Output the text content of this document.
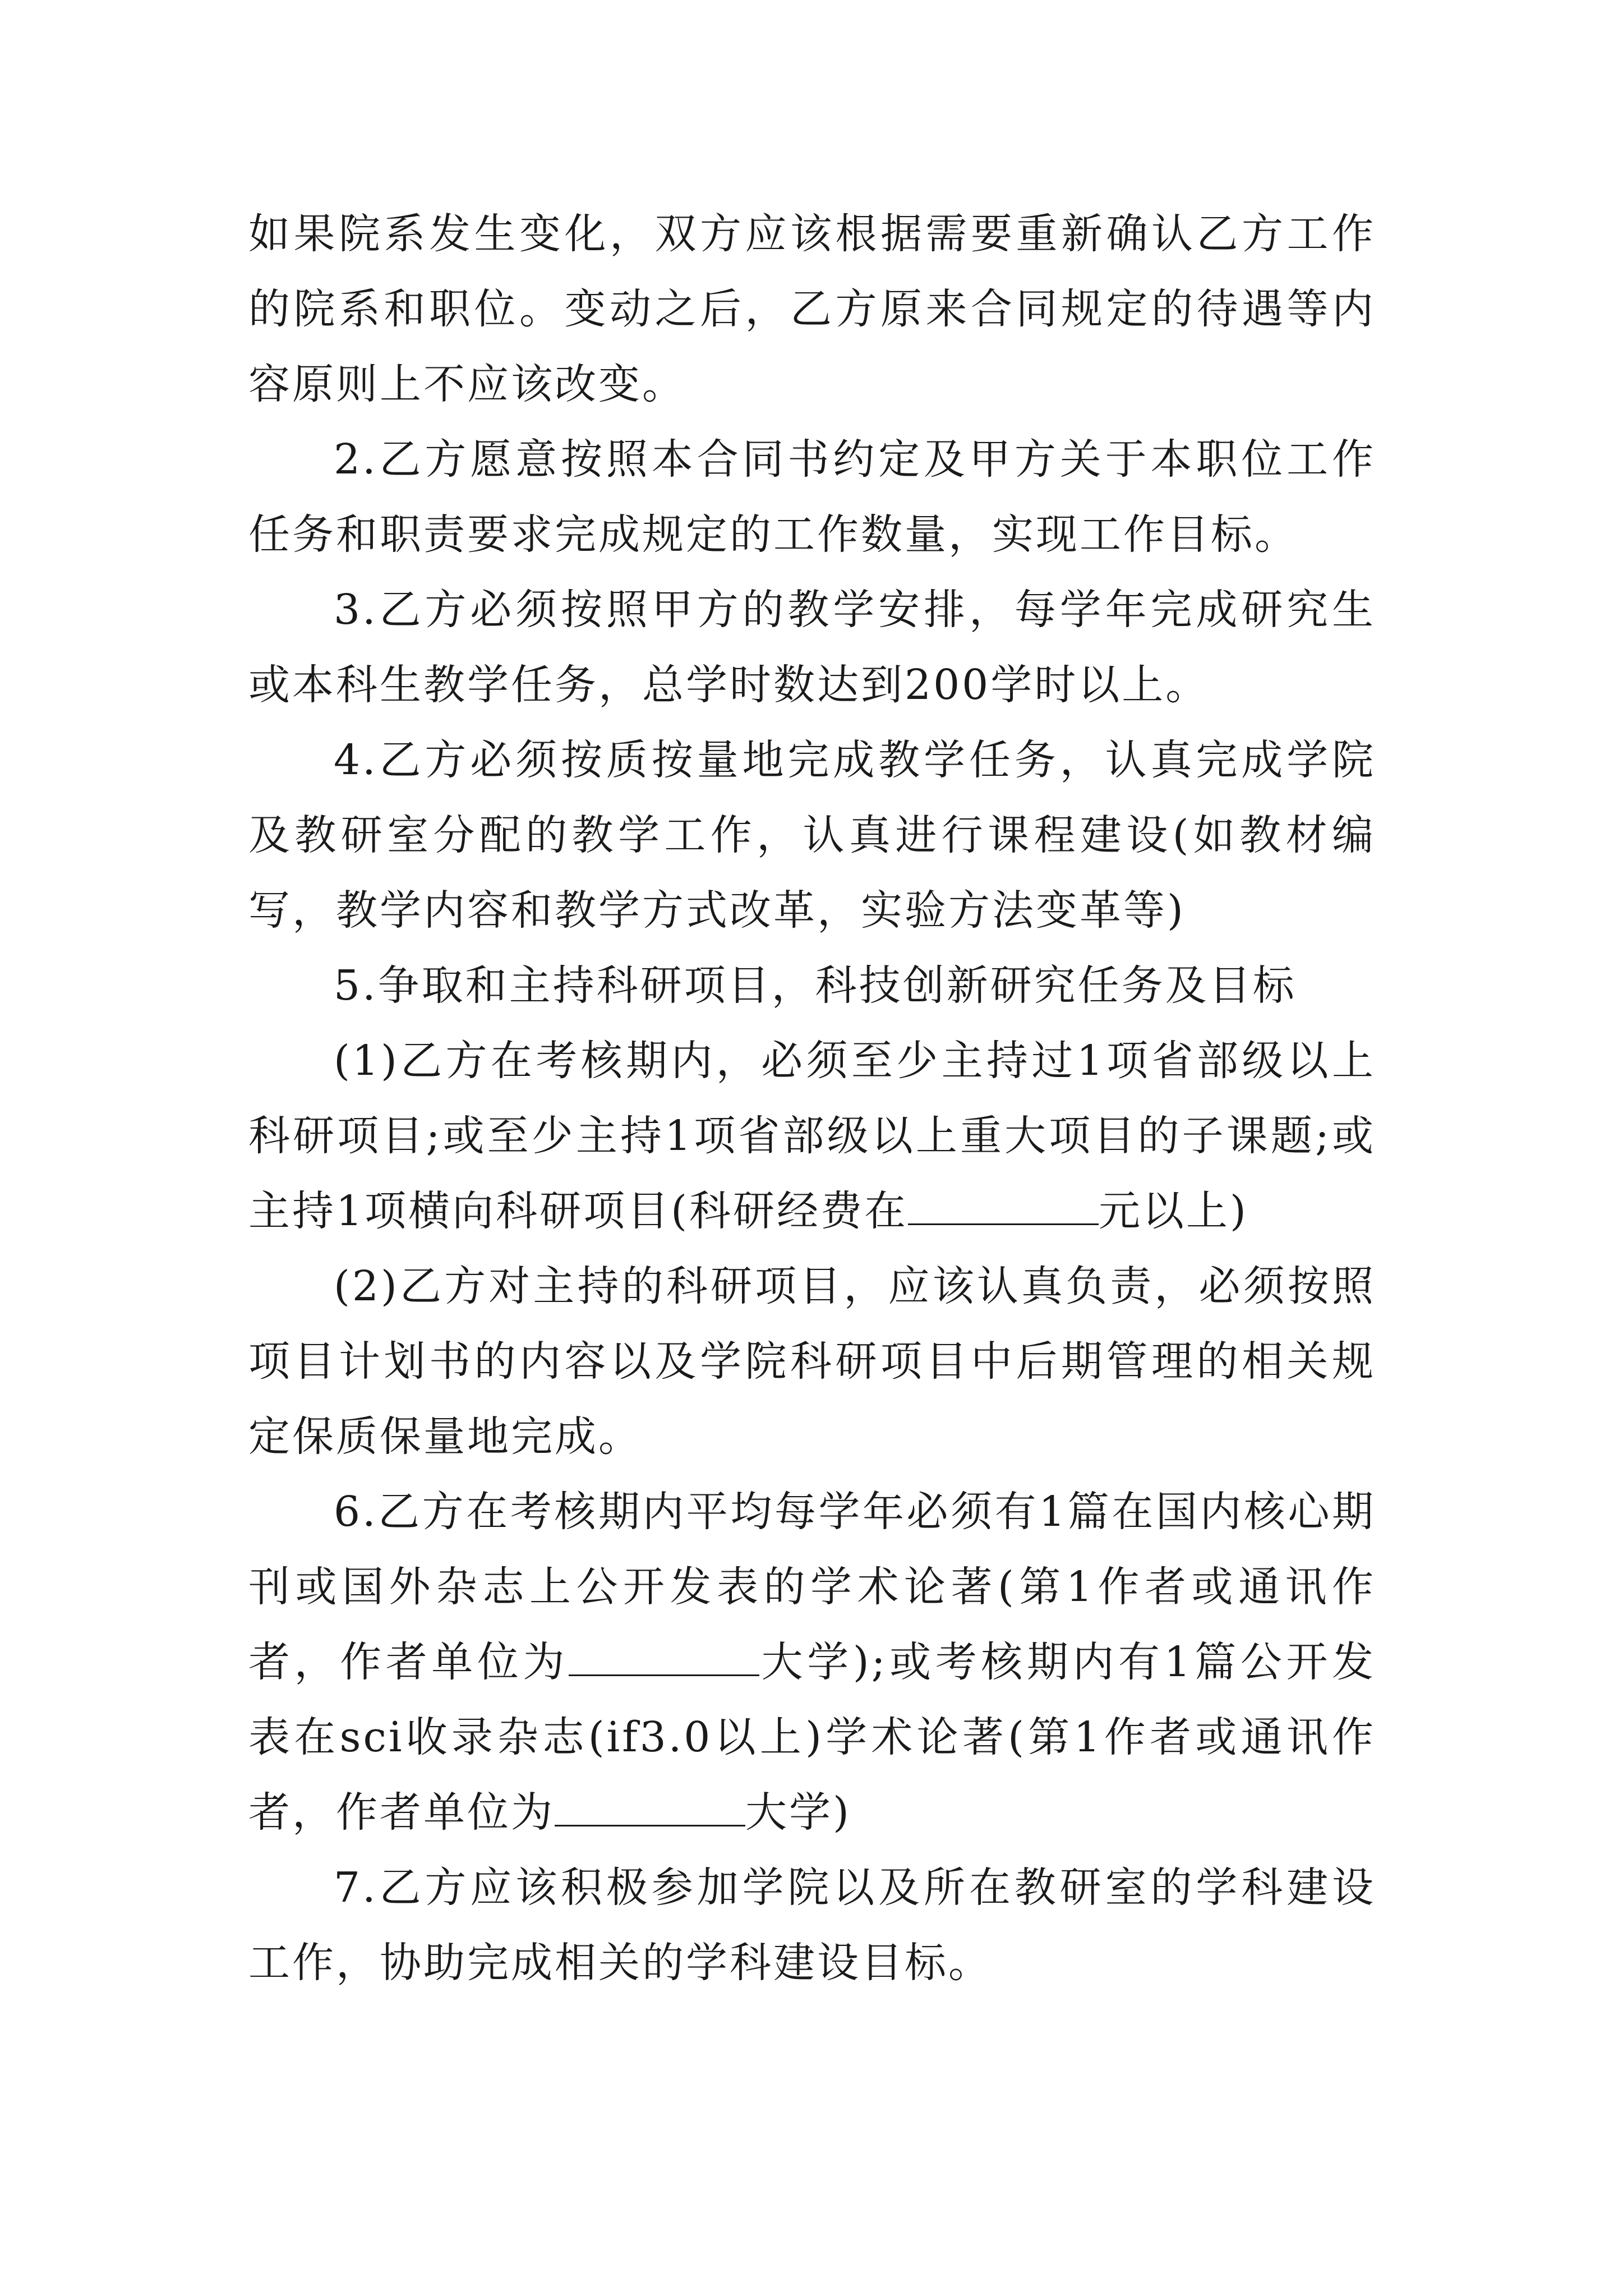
如果院系发生变化，双方应该根据需要重新确认乙方工作的院系和职位。变动之后，乙方原来合同规定的待遇等内容原则上不应该改变。

2.乙方愿意按照本合同书约定及甲方关于本职位工作任务和职责要求完成规定的工作数量，实现工作目标。

3.乙方必须按照甲方的教学安排，每学年完成研究生或本科生教学任务，总学时数达到200学时以上。

4.乙方必须按质按量地完成教学任务，认真完成学院及教研室分配的教学工作，认真进行课程建设(如教材编写，教学内容和教学方式改革，实验方法变革等)

5.争取和主持科研项目，科技创新研究任务及目标

(1)乙方在考核期内，必须至少主持过1项省部级以上科研项目;或至少主持1项省部级以上重大项目的子课题;或主持1项横向科研项目(科研经费在	元以上)

(2)乙方对主持的科研项目，应该认真负责，必须按照项目计划书的内容以及学院科研项目中后期管理的相关规定保质保量地完成。

6.乙方在考核期内平均每学年必须有1篇在国内核心期刊或国外杂志上公开发表的学术论著(第1作者或通讯作者，作者单位为	大学);或考核期内有1篇公开发表在sci收录杂志(if3.0以上)学术论著(第1作者或通讯作者，作者单位为	大学)

7.乙方应该积极参加学院以及所在教研室的学科建设工作，协助完成相关的学科建设目标。
